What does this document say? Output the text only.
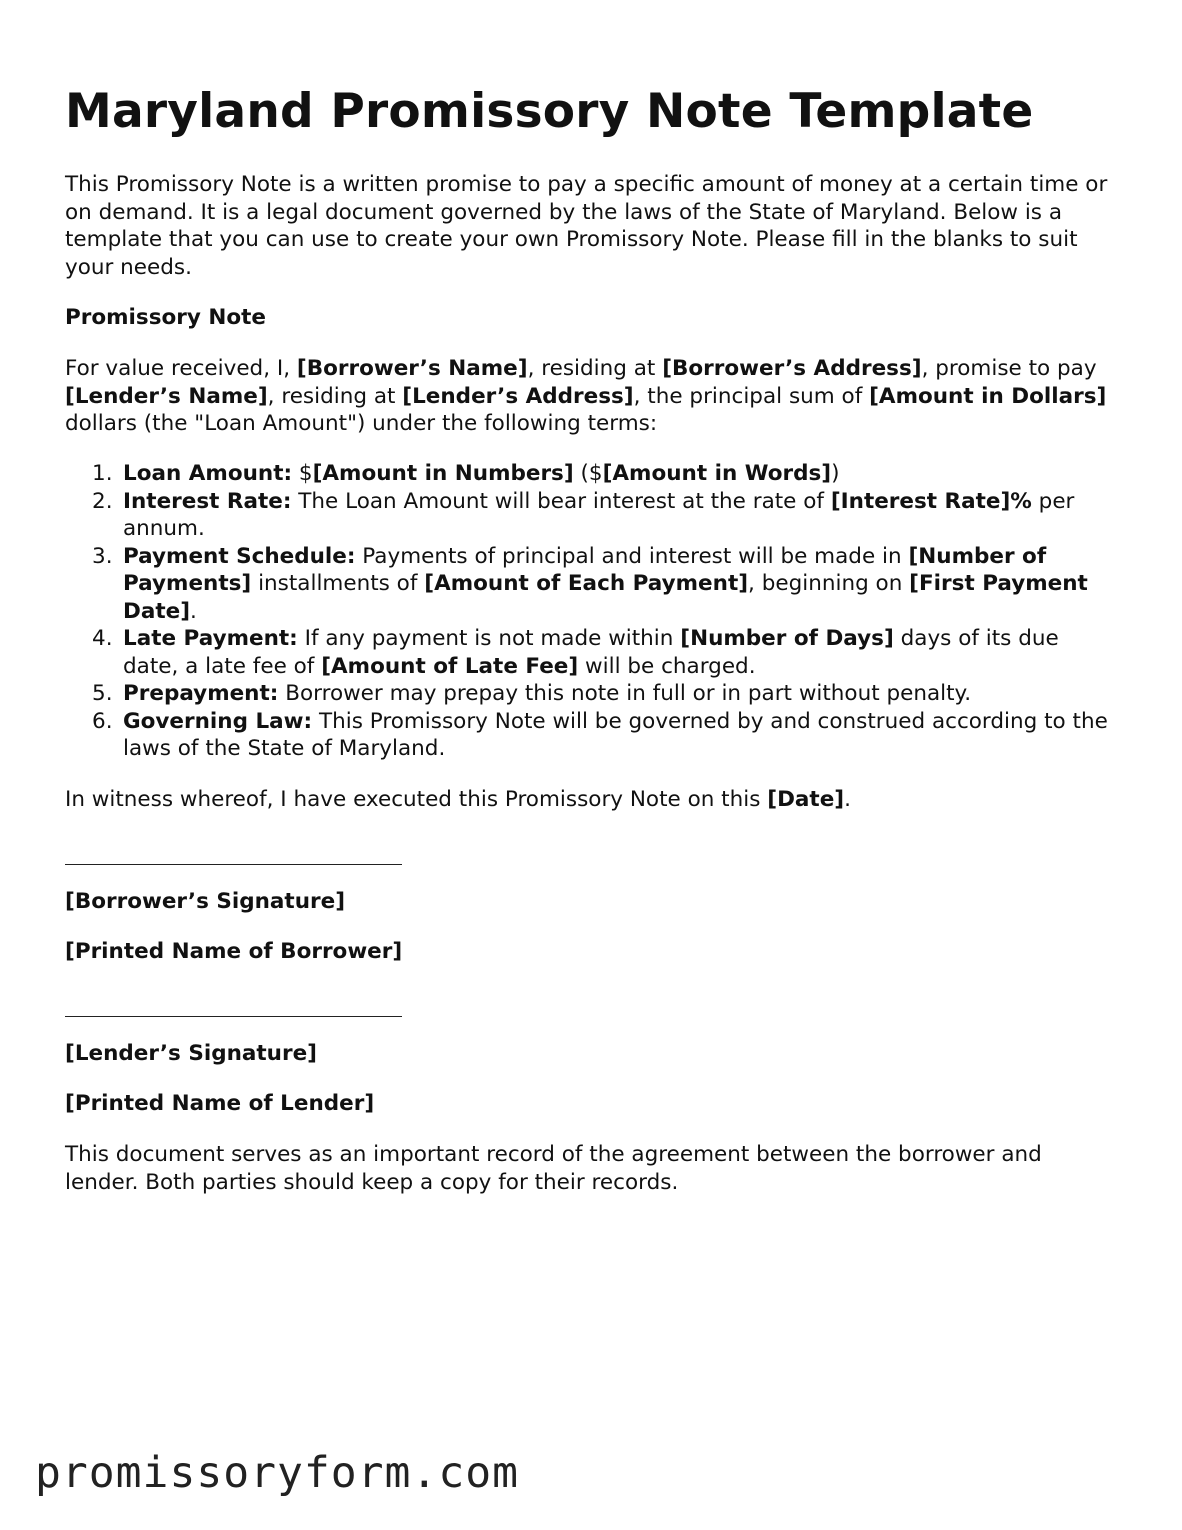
Maryland Promissory Note Template

This Promissory Note is a written promise to pay a specific amount of money at a certain time or on demand. It is a legal document governed by the laws of the State of Maryland. Below is a template that you can use to create your own Promissory Note. Please fill in the blanks to suit your needs.

Promissory Note

For value received, I, [Borrower’s Name], residing at [Borrower’s Address], promise to pay [Lender’s Name], residing at [Lender’s Address], the principal sum of [Amount in Dollars] dollars (the "Loan Amount") under the following terms:

Loan Amount: $[Amount in Numbers] ($[Amount in Words])
Interest Rate: The Loan Amount will bear interest at the rate of [Interest Rate]% per annum.
Payment Schedule: Payments of principal and interest will be made in [Number of Payments] installments of [Amount of Each Payment], beginning on [First Payment Date].
Late Payment: If any payment is not made within [Number of Days] days of its due date, a late fee of [Amount of Late Fee] will be charged.
Prepayment: Borrower may prepay this note in full or in part without penalty.
Governing Law: This Promissory Note will be governed by and construed according to the laws of the State of Maryland.

In witness whereof, I have executed this Promissory Note on this [Date].

[Borrower’s Signature]

[Printed Name of Borrower]

[Lender’s Signature]

[Printed Name of Lender]

This document serves as an important record of the agreement between the borrower and lender. Both parties should keep a copy for their records.

promissoryform.com
